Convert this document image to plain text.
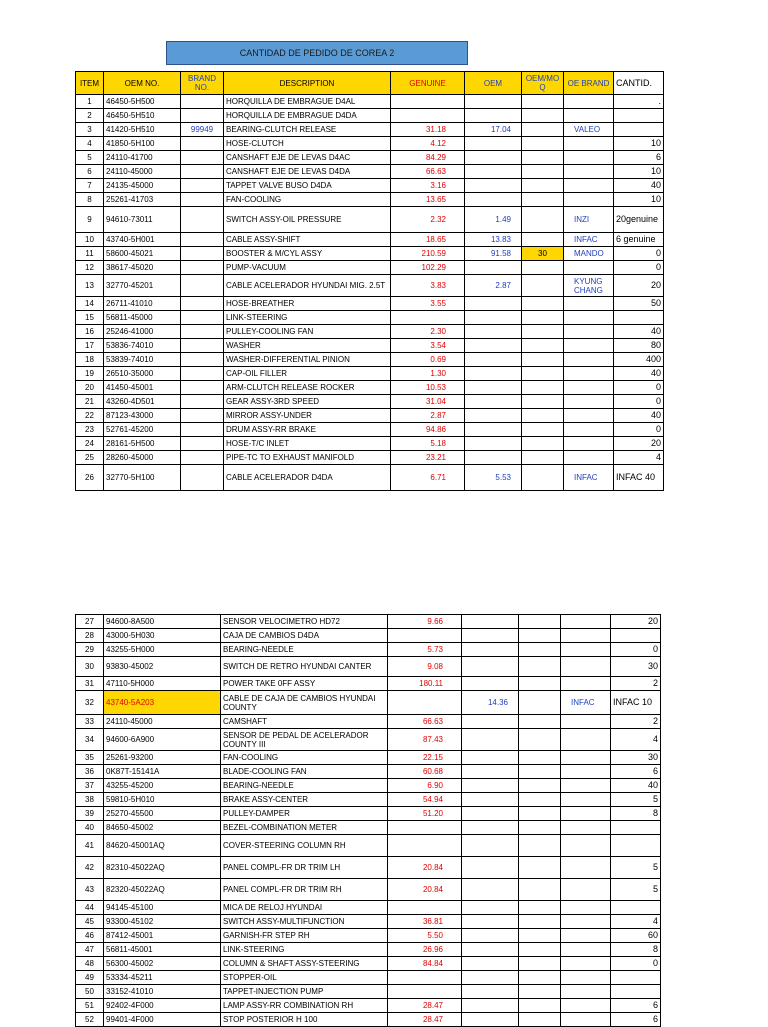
CANTIDAD DE PEDIDO DE COREA 2
ITEM	OEM NO.	BRAND NO.	DESCRIPTION	GENUINE	OEM	OEM/MO Q	OE BRAND	CANTID.
1	46450-5H500		HORQUILLA DE EMBRAGUE D4AL					.
2	46450-5H510		HORQUILLA DE EMBRAGUE D4DA					
3	41420-5H510	99949	BEARING-CLUTCH RELEASE	31.18	17.04		VALEO	
4	41850-5H100		HOSE-CLUTCH	4.12				10
5	24110-41700		CANSHAFT EJE DE LEVAS D4AC	84.29				6
6	24110-45000		CANSHAFT EJE DE LEVAS D4DA	66.63				10
7	24135-45000		TAPPET VALVE BUSO D4DA	3.16				40
8	25261-41703		FAN-COOLING	13.65				10
9	94610-73011		SWITCH ASSY-OIL PRESSURE	2.32	1.49		INZI	20genuine
10	43740-5H001		CABLE ASSY-SHIFT	18.65	13.83		INFAC	6 genuine
11	58600-45021		BOOSTER & M/CYL ASSY	210.59	91.58	30	MANDO	0
12	38617-45020		PUMP-VACUUM	102.29				0
13	32770-45201		CABLE ACELERADOR HYUNDAI MIG. 2.5T	3.83	2.87		KYUNG CHANG	20
14	26711-41010		HOSE-BREATHER	3.55				50
15	56811-45000		LINK-STEERING					
16	25246-41000		PULLEY-COOLING FAN	2.30				40
17	53836-74010		WASHER	3.54				80
18	53839-74010		WASHER-DIFFERENTIAL PINION	0.69				400
19	26510-35000		CAP-OIL FILLER	1.30				40
20	41450-45001		ARM-CLUTCH RELEASE ROCKER	10.53				0
21	43260-4D501		GEAR ASSY-3RD SPEED	31.04				0
22	87123-43000		MIRROR ASSY-UNDER	2.87				40
23	52761-45200		DRUM ASSY-RR BRAKE	94.86				0
24	28161-5H500		HOSE-T/C INLET	5.18				20
25	28260-45000		PIPE-TC TO EXHAUST MANIFOLD	23.21				4
26	32770-5H100		CABLE ACELERADOR D4DA	6.71	5.53		INFAC	INFAC 40
27	94600-8A500	SENSOR VELOCIMETRO HD72	9.66				20
28	43000-5H030	CAJA DE CAMBIOS D4DA					
29	43255-5H000	BEARING-NEEDLE	5.73				0
30	93830-45002	SWITCH DE RETRO HYUNDAI CANTER	9.08				30
31	47110-5H000	POWER TAKE 0FF ASSY	180.11				2
32	43740-5A203	CABLE DE CAJA DE CAMBIOS HYUNDAI COUNTY		14.36		INFAC	INFAC 10
33	24110-45000	CAMSHAFT	66.63				2
34	94600-6A900	SENSOR DE PEDAL DE ACELERADOR COUNTY III	87.43				4
35	25261-93200	FAN-COOLING	22.15				30
36	0K87T-15141A	BLADE-COOLING FAN	60.68				6
37	43255-45200	BEARING-NEEDLE	6.90				40
38	59810-5H010	BRAKE ASSY-CENTER	54.94				5
39	25270-45500	PULLEY-DAMPER	51.20				8
40	84650-45002	BEZEL-COMBINATION METER					
41	84620-45001AQ	COVER-STEERING COLUMN RH					
42	82310-45022AQ	PANEL COMPL-FR DR TRIM LH	20.84				5
43	82320-45022AQ	PANEL COMPL-FR DR TRIM RH	20.84				5
44	94145-45100	MICA DE RELOJ HYUNDAI					
45	93300-45102	SWITCH ASSY-MULTIFUNCTION	36.81				4
46	87412-45001	GARNISH-FR STEP RH	5.50				60
47	56811-45001	LINK-STEERING	26.96				8
48	56300-45002	COLUMN & SHAFT ASSY-STEERING	84.84				0
49	53334-45211	STOPPER-OIL					
50	33152-41010	TAPPET-INJECTION PUMP					
51	92402-4F000	LAMP ASSY-RR COMBINATION RH	28.47				6
52	99401-4F000	STOP POSTERIOR H 100	28.47				6
